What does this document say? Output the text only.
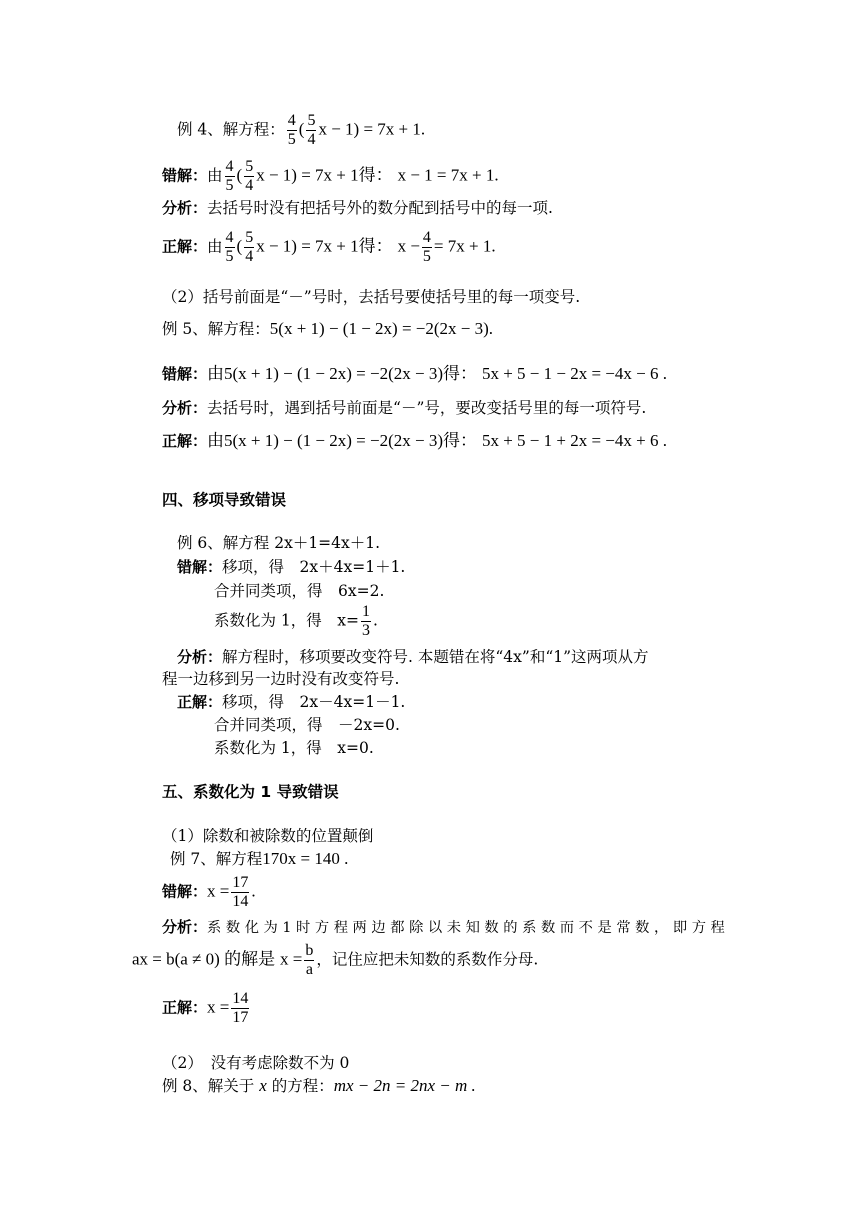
例 4、解方程： $\frac{4}{5}$ ( $\frac{5}{4}$ x − 1) = 7x + 1.
错解：由 $\frac{4}{5}$ ( $\frac{5}{4}$ x − 1) = 7x + 1得： x − 1 = 7x + 1.
分析：去括号时没有把括号外的数分配到括号中的每一项.
正解：由 $\frac{4}{5}$ ( $\frac{5}{4}$ x − 1) = 7x + 1得： $x - \frac{4}{5} = 7x + 1$.
（2）括号前面是“－”号时，去括号要使括号里的每一项变号.
例 5、解方程：5(x + 1) − (1 − 2x) = −2(2x − 3).
错解：由5(x + 1) − (1 − 2x) = −2(2x − 3)得： 5x + 5 − 1 − 2x = −4x − 6 .
分析：去括号时，遇到括号前面是“－”号，要改变括号里的每一项符号.
正解：由5(x + 1) − (1 − 2x) = −2(2x − 3)得： 5x + 5 − 1 + 2x = −4x + 6 .
四、移项导致错误
例 6、解方程 2x＋1=4x＋1.
错解：移项，得　2x＋4x=1＋1.
合并同类项，得　6x=2.
系数化为 1，得　$x= \frac{1}{3}$ .
分析：解方程时，移项要改变符号. 本题错在将“4x”和“1”这两项从方
程一边移到另一边时没有改变符号.
正解：移项，得　2x－4x=1－1.
合并同类项，得　－2x=0.
系数化为 1，得　x=0.
五、系数化为 1 导致错误
（1）除数和被除数的位置颠倒
例 7、解方程170x = 140 .
错解：$x = \frac{17}{14}$ .
分析：系 数 化 为 1 时 方 程 两 边 都 除 以 未 知 数 的 系 数 而 不 是 常 数 ， 即 方 程
ax = b(a ≠ 0) 的解是 $x = \frac{b}{a}$ ，记住应把未知数的系数作分母.
正解：$x = \frac{14}{17}$
（2）　没有考虑除数不为 0
例 8、解关于 x 的方程：mx − 2n = 2nx − m .
